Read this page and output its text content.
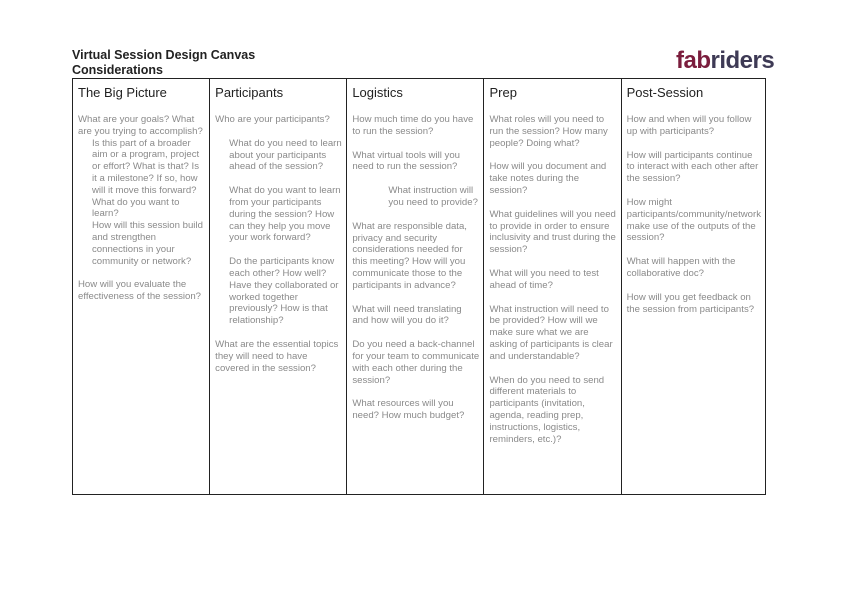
Virtual Session Design Canvas
Considerations	fabriders
The Big Picture
What are your goals? What are you trying to accomplish?
Is this part of a broader aim or a program, project or effort? What is that? Is it a milestone? If so, how will it move this forward?
What do you want to learn?
How will this session build and strengthen connections in your community or network?
How will you evaluate the effectiveness of the session?
Participants
Who are your participants?
What do you need to learn about your participants ahead of the session?
What do you want to learn from your participants during the session? How can they help you move your work forward?
Do the participants know each other? How well? Have they collaborated or worked together previously? How is that relationship?
What are the essential topics they will need to have covered in the session?
Logistics
How much time do you have to run the session?
What virtual tools will you need to run the session?
What instruction will you need to provide?
What are responsible data, privacy and security considerations needed for this meeting? How will you communicate those to the participants in advance?
What will need translating and how will you do it?
Do you need a back-channel for your team to communicate with each other during the session?
What resources will you need? How much budget?
Prep
What roles will you need to run the session? How many people? Doing what?
How will you document and take notes during the session?
What guidelines will you need to provide in order to ensure inclusivity and trust during the session?
What will you need to test ahead of time?
What instruction will need to be provided? How will we make sure what we are asking of participants is clear and understandable?
When do you need to send different materials to participants (invitation, agenda, reading prep, instructions, logistics, reminders, etc.)?
Post-Session
How and when will you follow up with participants?
How will participants continue to interact with each other after the session?
How might participants/community/network make use of the outputs of the session?
What will happen with the collaborative doc?
How will you get feedback on the session from participants?
